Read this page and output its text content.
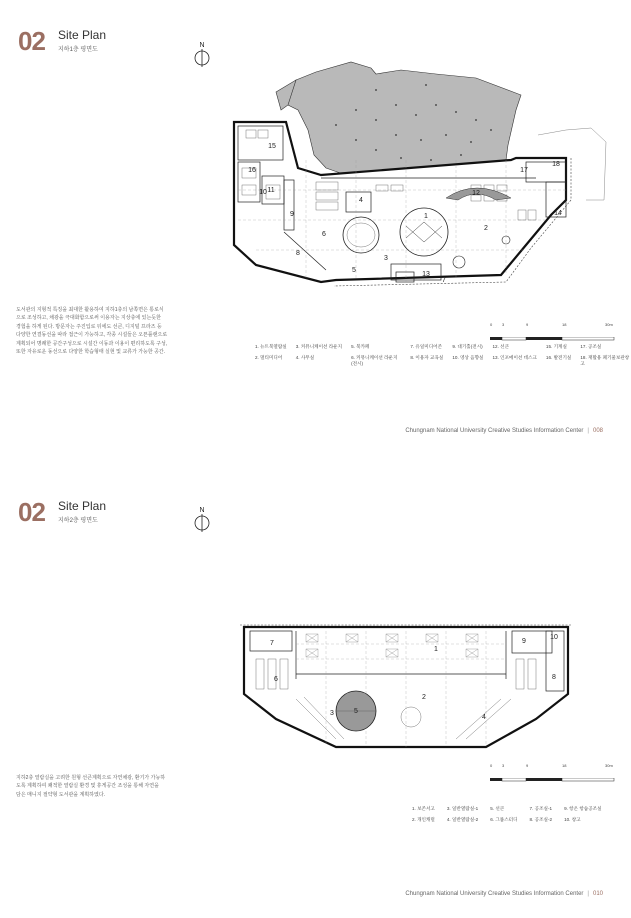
02 Site Plan
지하1층 평면도
N
1
2
3
4
5
6
7
8
9
10 11	12
13
14
15
16	17
18
도서관의 지형적 특징을 최대한 활용하여 지하1층의 남쪽면은 통로식
으로 조성하고, 채광을 극대화함으로써 이용자는 지상층에 있는듯한
경험을 하게 된다. 방문자는 주진입로 뒤에도 선큰, 디지털 프라즈 등
다양한 연결동선을 따라 접근이 가능하고, 각종 시설들은 오픈플랜으로
계획되어 명쾌한 공간구성으로 시설간 이동과 이용이 편리하도록 구성,
또한 자유로운 동선으로 다양한 학습형태 실현 및 교류가 가능한 공간.
0 3	9	18	30m
1. 뉴트북열람실 3. 커뮤니케이션 라운지 5. 북카페	7. 유일미디어존 9. 대기홀(전시) 12. 선큰	15. 기계실	17. 공조실
2. 멀티미디어	4. 사무실	6. 커뮤니케이션 라운지(전시)
8. 이용자 교육실 10. 영상 음향실 13. 인포메이션 데스크 16. 발전기실 18. 재활용 폐기물보관창고
Chungnam National University Creative Studies Information Center | 008
02 Site Plan
지하2층 평면도
N
1
2
3
4
5
6
7
8
9
10
지하2층 열람실을 고려한 원형 선큰계획으로 자연채광, 환기가 가능하
도록 계획하여 쾌적한 열람실 환경 및 휴게공간 조성을 통해 자연을
담은 매니지 절약형 도서관을 계획하였다.
0 3	9	18	30m
1. 보존서고	3. 일반열람실-1	5. 선큰	7. 공조실-1	9. 항온 항습공조실
2. 개인캐럴	4. 일반열람실-2	6. 그룹스터디	8. 공조실-2	10. 창고
Chungnam National University Creative Studies Information Center | 010
